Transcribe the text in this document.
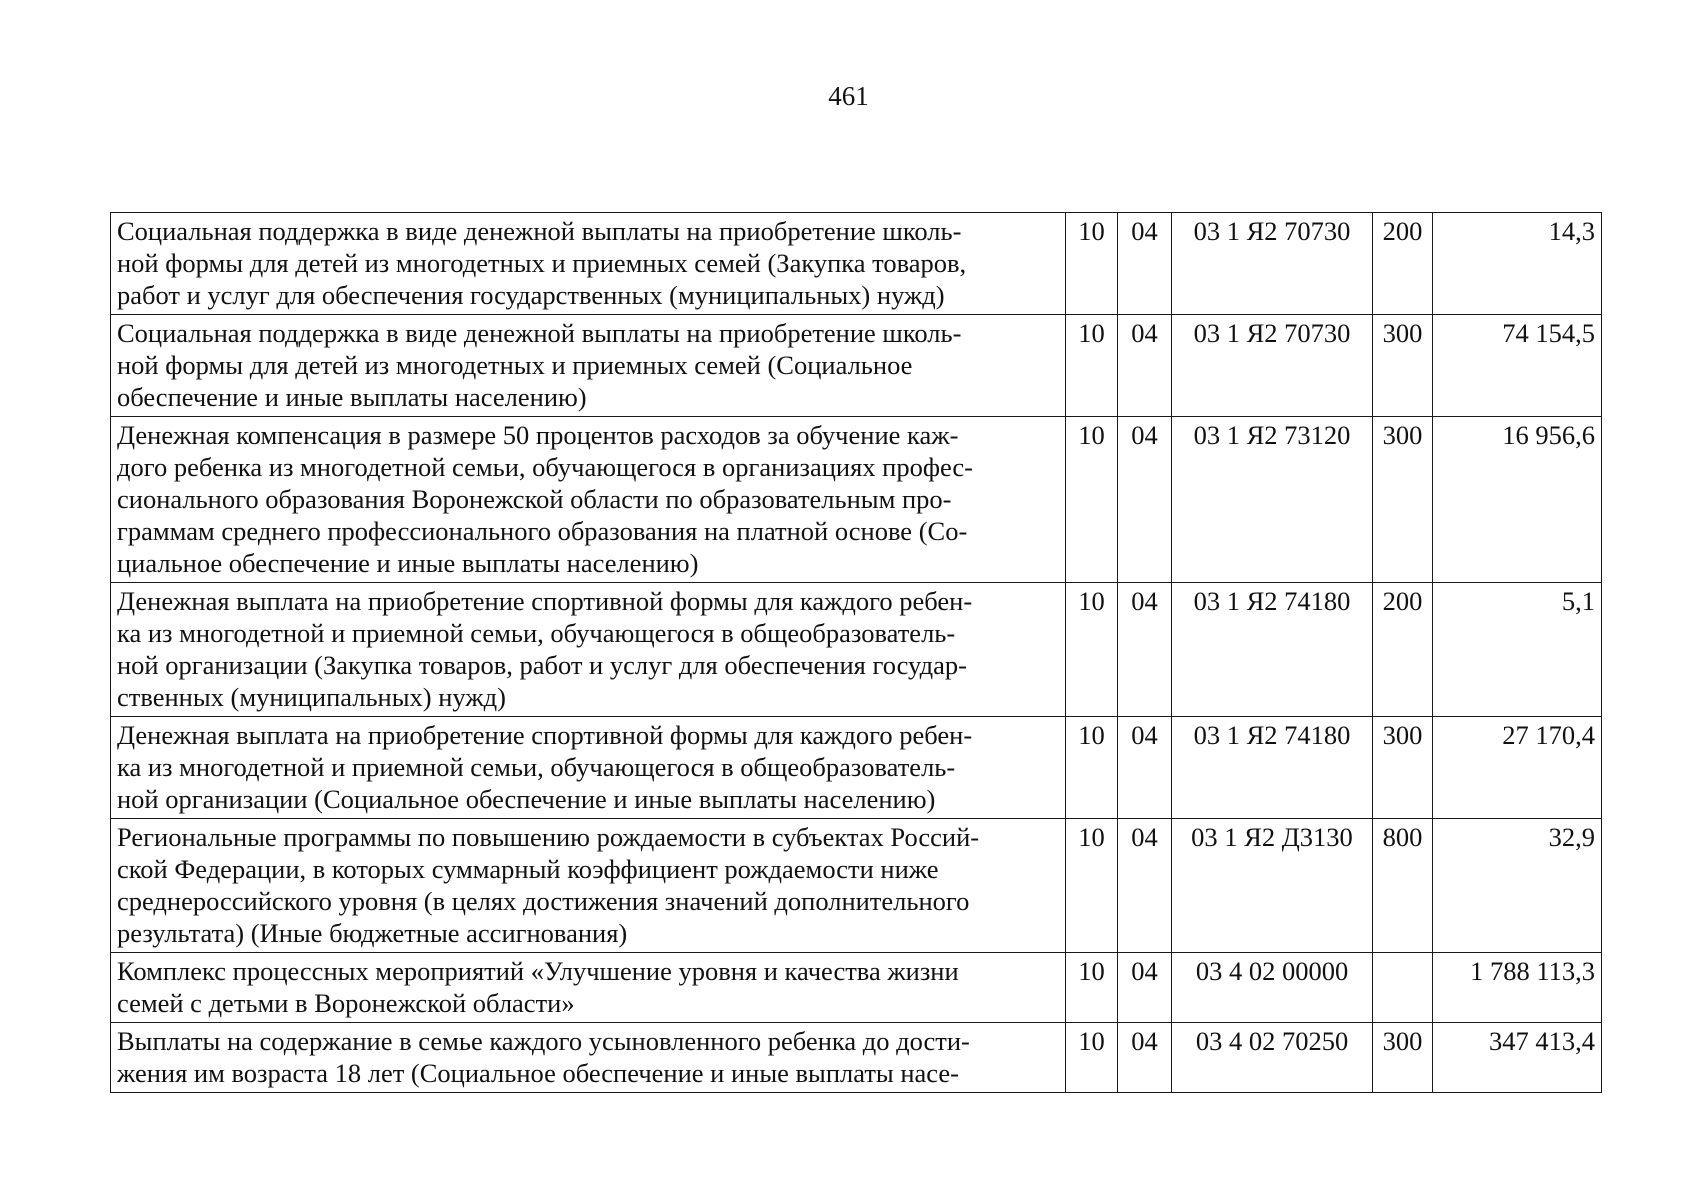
461
Социальная поддержка в виде денежной выплаты на приобретение школь-
ной формы для детей из многодетных и приемных семей (Закупка товаров,
работ и услуг для обеспечения государственных (муниципальных) нужд)	10	04	03 1 Я2 70730	200	14,3

Социальная поддержка в виде денежной выплаты на приобретение школь-
ной формы для детей из многодетных и приемных семей (Социальное
обеспечение и иные выплаты населению)	10	04	03 1 Я2 70730	300	74 154,5

Денежная компенсация в размере 50 процентов расходов за обучение каж-
дого ребенка из многодетной семьи, обучающегося в организациях профес-
сионального образования Воронежской области по образовательным про-
граммам среднего профессионального образования на платной основе (Со-
циальное обеспечение и иные выплаты населению)	10	04	03 1 Я2 73120	300	16 956,6

Денежная выплата на приобретение спортивной формы для каждого ребен-
ка из многодетной и приемной семьи, обучающегося в общеобразователь-
ной организации (Закупка товаров, работ и услуг для обеспечения государ-
ственных (муниципальных) нужд)	10	04	03 1 Я2 74180	200	5,1

Денежная выплата на приобретение спортивной формы для каждого ребен-
ка из многодетной и приемной семьи, обучающегося в общеобразователь-
ной организации (Социальное обеспечение и иные выплаты населению)	10	04	03 1 Я2 74180	300	27 170,4

Региональные программы по повышению рождаемости в субъектах Россий-
ской Федерации, в которых суммарный коэффициент рождаемости ниже
среднероссийского уровня (в целях достижения значений дополнительного
результата) (Иные бюджетные ассигнования)	10	04	03 1 Я2 Д3130	800	32,9

Комплекс процессных мероприятий «Улучшение уровня и качества жизни
семей с детьми в Воронежской области»	10	04	03 4 02 00000		1 788 113,3

Выплаты на содержание в семье каждого усыновленного ребенка до дости-
жения им возраста 18 лет (Социальное обеспечение и иные выплаты насе-	10	04	03 4 02 70250	300	347 413,4
